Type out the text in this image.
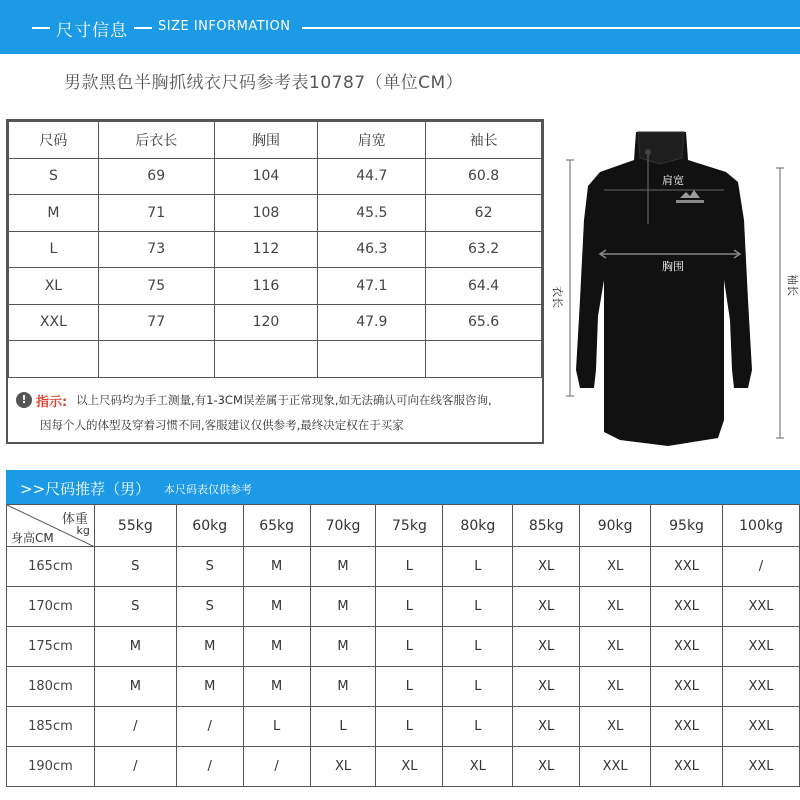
尺寸信息 SIZE INFORMATION
男款黑色半胸抓绒衣尺码参考表10787（单位CM）
尺码	后衣长	胸围	肩宽	袖长
S	69	104	44.7	60.8
M	71	108	45.5	62
L	73	112	46.3	63.2
XL	75	116	47.1	64.4
XXL	77	120	47.9	65.6

! 指示: 以上尺码均为手工测量,有1-3CM误差属于正常现象,如无法确认可向在线客服咨询,
因每个人的体型及穿着习惯不同,客服建议仅供参考,最终决定权在于买家
肩宽
胸围
衣长
袖长
>>尺码推荐（男） 本尺码表仅供参考
体重
kg
身高CM	55kg	60kg	65kg	70kg	75kg	80kg	85kg	90kg	95kg	100kg
165cm	S	S	M	M	L	L	XL	XL	XXL	/
170cm	S	S	M	M	L	L	XL	XL	XXL	XXL
175cm	M	M	M	M	L	L	XL	XL	XXL	XXL
180cm	M	M	M	M	L	L	XL	XL	XXL	XXL
185cm	/	/	L	L	L	L	XL	XL	XXL	XXL
190cm	/	/	/	XL	XL	XL	XL	XXL	XXL	XXL
